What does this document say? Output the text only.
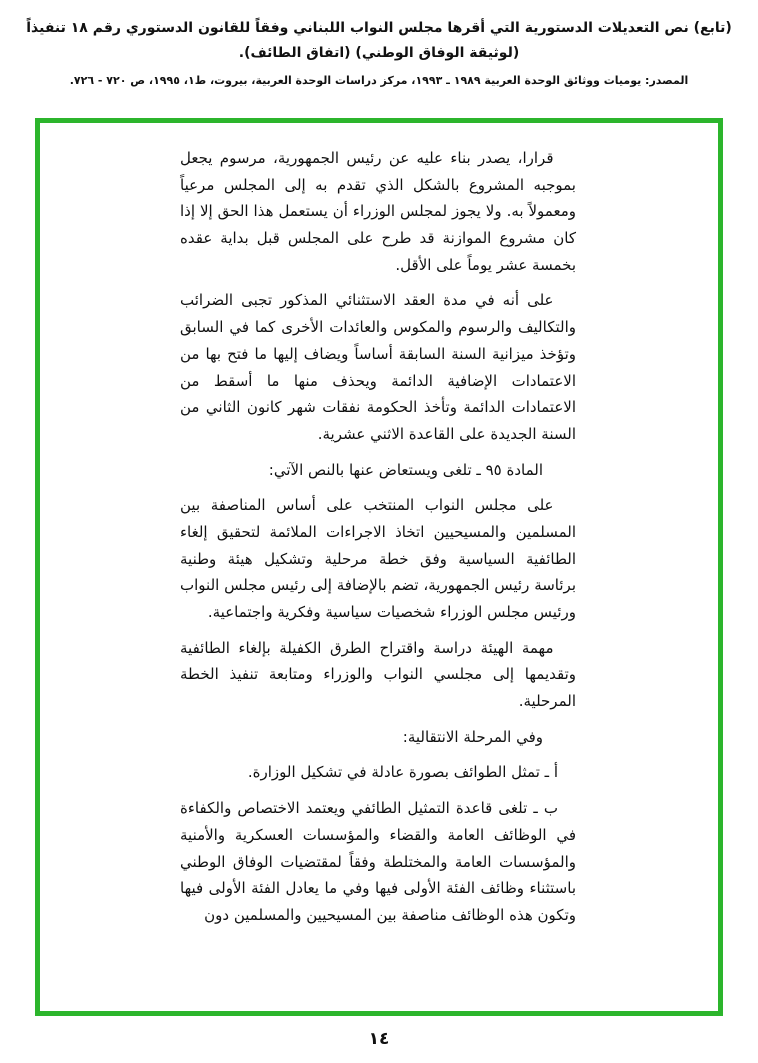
(تابع) نص التعديلات الدستورية التي أقرها مجلس النواب اللبناني وفقاً للقانون الدستوري رقم ١٨ تنفيذاً (لوثيقة الوفاق الوطني) (اتفاق الطائف).
المصدر: يوميات ووثائق الوحدة العربية ١٩٨٩ ـ ١٩٩٣، مركز دراسات الوحدة العربية، بيروت، ط١، ١٩٩٥، ص ٧٢٠ - ٧٢٦.

قرارا، يصدر بناء عليه عن رئيس الجمهورية، مرسوم يجعل بموجبه المشروع بالشكل الذي تقدم به إلى المجلس مرعياً ومعمولاً به. ولا يجوز لمجلس الوزراء أن يستعمل هذا الحق إلا إذا كان مشروع الموازنة قد طرح على المجلس قبل بداية عقده بخمسة عشر يوماً على الأقل.

على أنه في مدة العقد الاستثنائي المذكور تجبى الضرائب والتكاليف والرسوم والمكوس والعائدات الأخرى كما في السابق وتؤخذ ميزانية السنة السابقة أساساً ويضاف إليها ما فتح بها من الاعتمادات الإضافية الدائمة ويحذف منها ما أسقط من الاعتمادات الدائمة وتأخذ الحكومة نفقات شهر كانون الثاني من السنة الجديدة على القاعدة الاثني عشرية.

المادة ٩٥ ـ تلغى ويستعاض عنها بالنص الآتي:

على مجلس النواب المنتخب على أساس المناصفة بين المسلمين والمسيحيين اتخاذ الاجراءات الملائمة لتحقيق إلغاء الطائفية السياسية وفق خطة مرحلية وتشكيل هيئة وطنية برئاسة رئيس الجمهورية، تضم بالإضافة إلى رئيس مجلس النواب ورئيس مجلس الوزراء شخصيات سياسية وفكرية واجتماعية.

مهمة الهيئة دراسة واقتراح الطرق الكفيلة بإلغاء الطائفية وتقديمها إلى مجلسي النواب والوزراء ومتابعة تنفيذ الخطة المرحلية.

وفي المرحلة الانتقالية:

أ ـ تمثل الطوائف بصورة عادلة في تشكيل الوزارة.

ب ـ تلغى قاعدة التمثيل الطائفي ويعتمد الاختصاص والكفاءة في الوظائف العامة والقضاء والمؤسسات العسكرية والأمنية والمؤسسات العامة والمختلطة وفقاً لمقتضيات الوفاق الوطني باستثناء وظائف الفئة الأولى فيها وفي ما يعادل الفئة الأولى فيها وتكون هذه الوظائف مناصفة بين المسيحيين والمسلمين دون

١٤
